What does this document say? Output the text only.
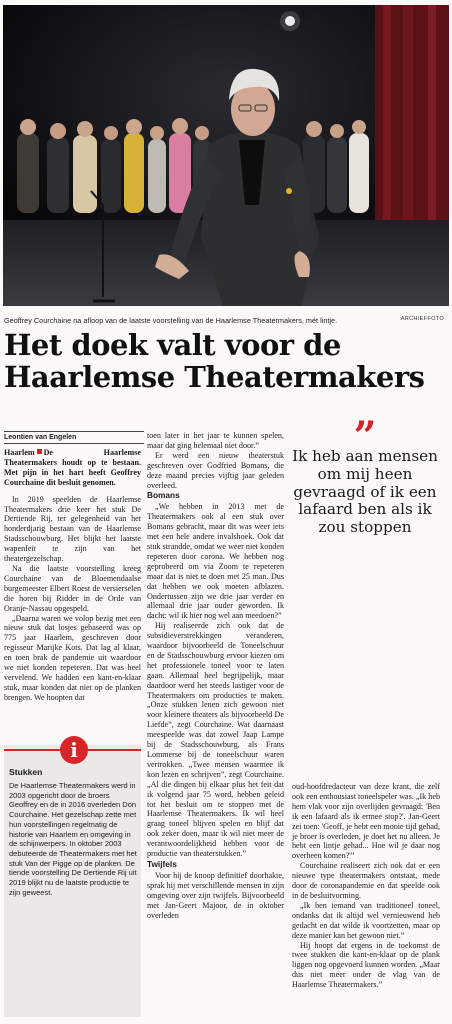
Geoffrey Courchaine na afloop van de laatste voorstelling van de Haarlemse Theatermakers, mét lintje.	ARCHIEFFOTO
Het doek valt voor de Haarlemse Theatermakers
Leontien van Engelen

Haarlem De Haarlemse Theatermakers houdt op te bestaan. Met pijn in het hart heeft Geoffrey Courchaine dit besluit genomen.

In 2019 speelden de Haarlemse Theatermakers drie keer het stuk De Dertiende Rij, ter gelegenheid van het honderdjarig bestaan van de Haarlemse Stadsschouwburg. Het blijkt het laatste wapenfeit te zijn van het theatergezelschap.

Na die laatste voorstelling kreeg Courchaine van de Bloemendaalse burgemeester Elbert Roest de versierselen die horen bij Ridder in de Orde van Oranje-Nassau opgespeld.

„Daarna waren we volop bezig met een nieuw stuk dat losjes gebaseerd was op 775 jaar Haarlem, geschreven door regisseur Marijke Kots. Dat lag al klaar, en toen brak de pandemie uit waardoor we niet konden repeteren. Dat was heel vervelend. We hadden een kant-en-klaar stuk, maar konden dat niet op de planken brengen. We hoopten dat

i
Stukken
De Haarlemse Theatermakers werd in 2003 opgericht door de broers Geoffrey en de in 2016 overleden Don Courchaine. Het gezelschap zette met hun voorstellingen regelmatig de historie van Haarlem en omgeving in de schijnwerpers. In oktober 2003 debuteerde de Theatermakers met het stuk Van der Pigge op de planken. De tiende voorstelling De Dertiende Rij uit 2019 blijkt nu de laatste productie te zijn geweest.

toen later in het jaar te kunnen spelen, maar dat ging helemaal niet door.”

Er werd een nieuw theaterstuk geschreven over Godfried Bomans, die deze maand precies vijftig jaar geleden overleed.

Bomans

„We hebben in 2013 met de Theatermakers ook al een stuk over Bomans gebracht, maar dit was weer iets met een hele andere invalshoek. Ook dat stuk strandde, omdat we weer niet konden repeteren door corona. We hebben nog geprobeerd om via Zoom te repeteren maar dat is niet te doen met 25 man. Dus dat hebben we ook moeten afblazen. Ondertussen zijn we drie jaar verder en allemaal drie jaar ouder geworden. Ik dacht: wil ik hier nog wel aan meedoen?”

Hij realiseerde zich ook dat de subsidieverstrekkingen veranderen, waardoor bijvoorbeeld de Toneelschuur en de Stadsschouwburg ervoor kiezen om het professionele toneel voor te laten gaan. Allemaal heel begrijpelijk, maar daardoor werd het steeds lastiger voor de Theatermakers om producties te maken. „Onze stukken lenen zich gewoon niet voor kleinere theaters als bijvoorbeeld De Liefde”, zegt Courchaine. Wat daarnaast meespeelde was dat zowel Jaap Lampe bij de Stadsschouwburg, als Frans Lommerse bij de toneelschuur waren vertrokken. „Twee mensen waarmee ik kon lezen en schrijven”, zegt Courchaine. „Al die dingen bij elkaar plus het feit dat ik volgend jaar 75 word, hebben geleid tot het besluit om te stoppen met de Haarlemse Theatermakers. Ik wil heel graag toneel blijven spelen en blijf dat ook zeker doen, maar ik wil niet meer de verantwoordelijkheid hebben voor de productie van theaterstukken.”

Twijfels

Voor hij de knoop definitief doorhakte, sprak hij met verschillende mensen in zijn omgeving over zijn twijfels. Bijvoorbeeld met Jan-Geert Majoor, de in oktober overleden

”
Ik heb aan mensen om mij heen gevraagd of ik een lafaard ben als ik zou stoppen

oud-hoofdredacteur van deze krant, die zelf ook een enthousiast toneelspeler was. „Ik heb hem vlak voor zijn overlijden gevraagd: 'Ben ik een lafaard als ik ermee stop?'. Jan-Geert zei toen: 'Geoff, je hebt een mooie tijd gehad, je broer is overleden, je doet het nu alleen. Je hebt een lintje gehad... Hoe wil je daar nog overheen komen?'”

Courchaine realiseert zich ook dat er een nieuwe type theatermakers ontstaat, mede door de coronapandemie en dat speelde ook in de besluitvorming.

„Ik ben iemand van traditioneel toneel, ondanks dat ik altijd wel vernieuwend heb gedacht en dat wilde ik voortzetten, maar op deze manier kan het gewoon niet.”

Hij hoopt dat ergens in de toekomst de twee stukken die kant-en-klaar op de plank liggen nog opgevoerd kunnen worden. „Maar dus niet meer onder de vlag van de Haarlemse Theatermakers.”
